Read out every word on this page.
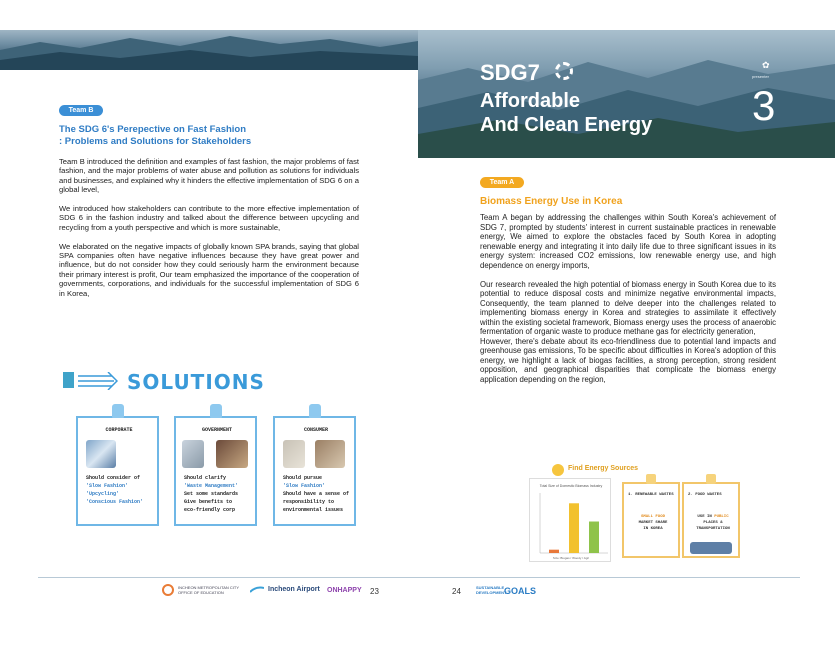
Team B
The SDG 6's Perepective on Fast Fashion
: Problems and Solutions for Stakeholders

Team B introduced the definition and examples of fast fashion, the major problems of fast fashion, and the major problems of water abuse and pollution as solutions for individuals and businesses, and explained why it hinders the effective implementation of SDG 6 on a global level,

We introduced how stakeholders can contribute to the more effective implementation of SDG 6 in the fashion industry and talked about the difference between upcycling and recycling from a youth perspective and which is more sustainable,

We elaborated on the negative impacts of globally known SPA brands, saying that global SPA companies often have negative influences because they have great power and influence, but do not consider how they could seriously harm the environment because their primary interest is profit, Our team emphasized the importance of the cooperation of governments, corporations, and individuals for the successful implementation of SDG 6 in Korea,

SOLUTIONS
CORPORATE
Should consider of
'Slow Fashion'
'Upcycling'
'Conscious Fashion'
GOVERNMENT
Should clarify
'Waste Management'
Set some standards
Give benefits to
eco-friendly corp
CONSUMER
Should pursue
'Slow Fashion'
Should have a sense of
responsibility to
environmental issues
INCHEON METROPOLITAN CITY
OFFICE OF EDUCATION	Incheon Airport ONHAPPY 23	24	SUSTAINABLE
DEVELOPMENT
GOALS
SDG7
Affordable
And Clean Energy
✿
presenter
3
Team A
Biomass Energy Use in Korea

Team A began by addressing the challenges within South Korea's achievement of SDG 7, prompted by students' interest in current sustainable practices in renewable energy, We aimed to explore the obstacles faced by South Korea in adopting renewable energy and integrating it into daily life due to three significant issues in its energy system: increased CO2 emissions, low renewable energy use, and high dependence on energy imports,

Our research revealed the high potential of biomass energy in South Korea due to its potential to reduce disposal costs and minimize negative environmental impacts, Consequently, the team planned to delve deeper into the challenges related to implementing biomass energy in Korea and strategies to assimilate it effectively within the existing societal framework, Biomass energy uses the process of anaerobic fermentation of organic waste to produce methane gas for electricity generation,

However, there's debate about its eco-friendliness due to potential land impacts and greenhouse gas emissions, To be specific about difficulties in Korea's adoption of this energy, we highlight a lack of biogas facilities, a strong perception, strong resident opposition, and geographical disparities that complicate the biomass energy application depending on the region,

Find Energy Sources
Total Size of Domestic Biomass Industry
Size: Biogas / Woody / Agri
1. RENEWABLE WASTES
SMALL FOOD
MARKET SHARE
IN KOREA
2. FOOD WASTES
USE IN PUBLIC
PLACES &
TRANSPORTATION
